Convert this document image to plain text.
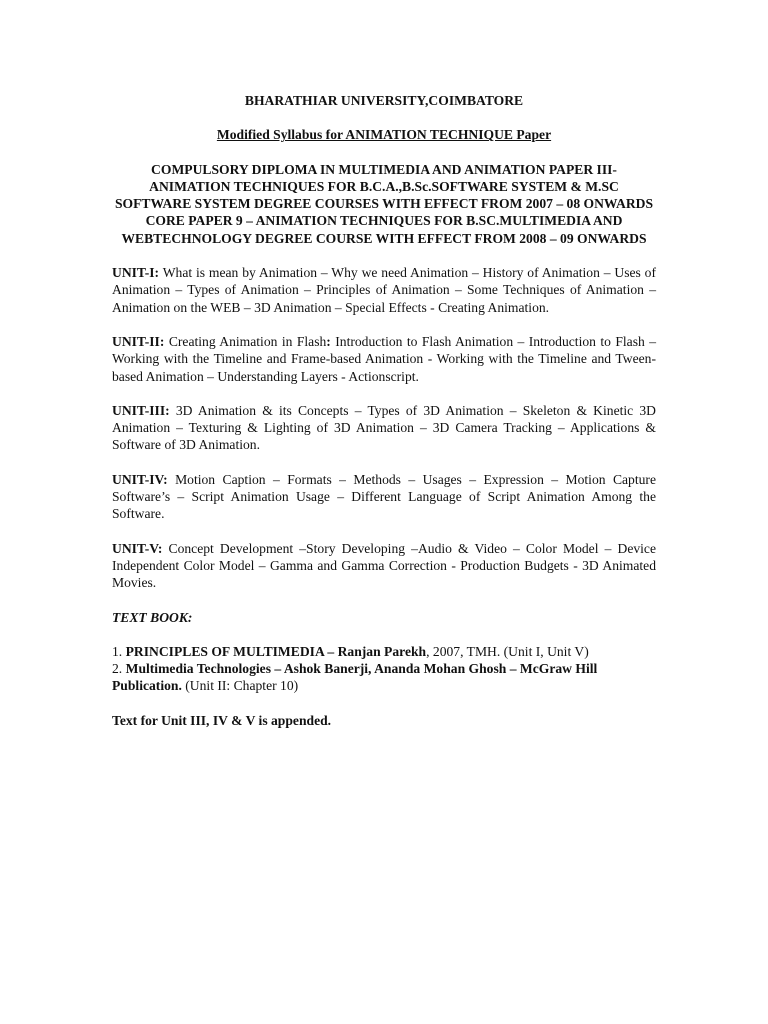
BHARATHIAR UNIVERSITY,COIMBATORE

Modified Syllabus for ANIMATION TECHNIQUE Paper

COMPULSORY DIPLOMA IN MULTIMEDIA AND ANIMATION PAPER III- ANIMATION TECHNIQUES FOR B.C.A.,B.Sc.SOFTWARE SYSTEM & M.SC SOFTWARE SYSTEM DEGREE COURSES WITH EFFECT FROM 2007 – 08 ONWARDS

CORE PAPER 9 – ANIMATION TECHNIQUES FOR B.SC.MULTIMEDIA AND WEBTECHNOLOGY DEGREE COURSE WITH EFFECT FROM 2008 – 09 ONWARDS

UNIT-I: What is mean by Animation – Why we need Animation – History of Animation – Uses of Animation – Types of Animation – Principles of Animation – Some Techniques of Animation – Animation on the WEB – 3D Animation – Special Effects - Creating Animation.

UNIT-II: Creating Animation in Flash: Introduction to Flash Animation – Introduction to Flash – Working with the Timeline and Frame-based Animation - Working with the Timeline and Tween-based Animation – Understanding Layers - Actionscript.

UNIT-III: 3D Animation & its Concepts – Types of 3D Animation – Skeleton & Kinetic 3D Animation – Texturing & Lighting of 3D Animation – 3D Camera Tracking – Applications & Software of 3D Animation.

UNIT-IV: Motion Caption – Formats – Methods – Usages – Expression – Motion Capture Software’s – Script Animation Usage – Different Language of Script Animation Among the Software.

UNIT-V: Concept Development –Story Developing –Audio & Video – Color Model – Device Independent Color Model – Gamma and Gamma Correction - Production Budgets - 3D Animated Movies.

TEXT BOOK:

1. PRINCIPLES OF MULTIMEDIA – Ranjan Parekh, 2007, TMH. (Unit I, Unit V)

2. Multimedia Technologies – Ashok Banerji, Ananda Mohan Ghosh – McGraw Hill Publication. (Unit II: Chapter 10)

Text for Unit III, IV & V is appended.
